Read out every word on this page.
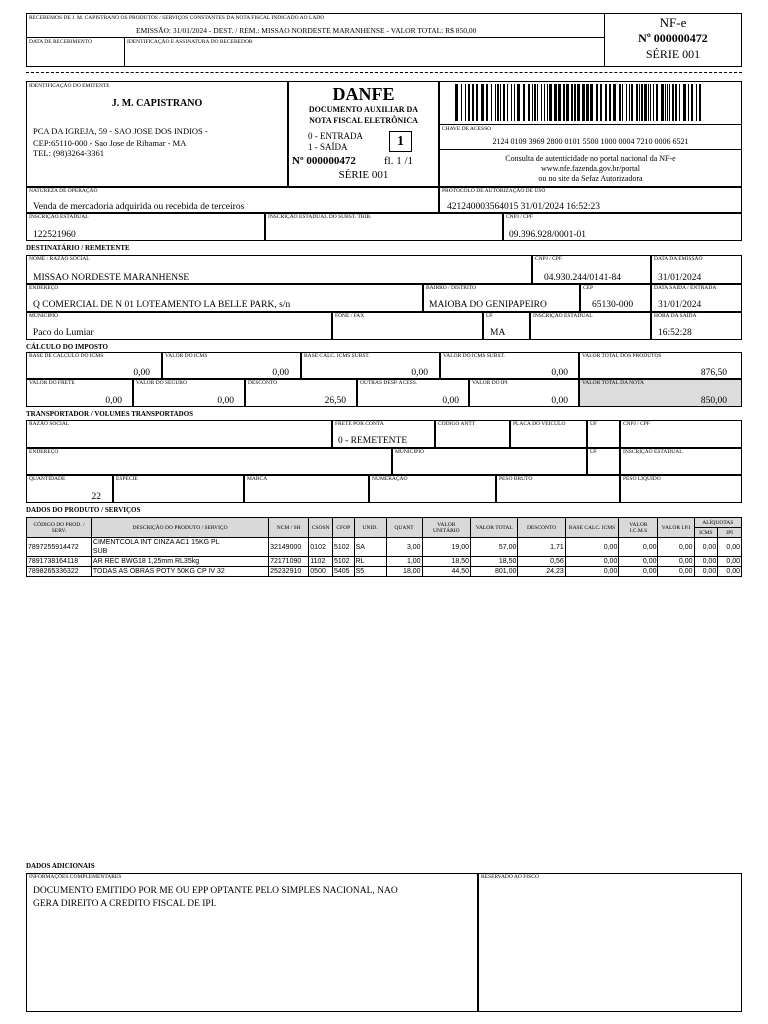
RECEBEMOS DE J. M. CAPISTRANO OS PRODUTOS / SERVIÇOS CONSTANTES DA NOTA FISCAL INDICADO AO LADO
EMISSÃO: 31/01/2024 - DEST. / REM.: MISSAO NORDESTE MARANHENSE - VALOR TOTAL: R$ 850,00
DATA DE RECEBIMENTO	IDENTIFICAÇÃO E ASSINATURA DO RECEBEDOR
NF-e
Nº 000000472
SÉRIE 001
IDENTIFICAÇÃO DO EMITENTE
J. M. CAPISTRANO
PCA DA IGREJA, 59 - SAO JOSE DOS INDIOS -
CEP:65110-000 - Sao Jose de Ribamar - MA
TEL: (98)3264-3361
DANFE
DOCUMENTO AUXILIAR DA
NOTA FISCAL ELETRÔNICA
0 - ENTRADA
1 - SAÍDA	1
Nº 000000472	fl. 1 /1
SÉRIE 001
CHAVE DE ACESSO
2124 0109 3969 2800 0101 5500 1000 0004 7210 0006 6521
Consulta de autenticidade no portal nacional da NF-e
www.nfe.fazenda.gov.br/portal
ou no site da Sefaz Autorizadora
NATUREZA DE OPERAÇÃO
Venda de mercadoria adquirida ou recebida de terceiros
PROTOCOLO DE AUTORIZAÇÃO DE USO
421240003564015 31/01/2024 16:52:23
INSCRIÇÃO ESTADUAL
122521960
INSCRIÇÃO ESTADUAL DO SUBST. TRIB.	CNPJ / CPF
09.396.928/0001-01
DESTINATÁRIO / REMETENTE
NOME / RAZÃO SOCIAL
MISSAO NORDESTE MARANHENSE
CNPJ / CPF
04.930.244/0141-84
DATA DA EMISSÃO
31/01/2024
ENDEREÇO
Q COMERCIAL DE N 01 LOTEAMENTO LA BELLE PARK, s/n
BAIRRO / DISTRITO
MAIOBA DO GENIPAPEIRO
CEP
65130-000
DATA SAÍDA / ENTRADA
31/01/2024
MUNICÍPIO
Paco do Lumiar
FONE / FAX	UF
MA
INSCRIÇÃO ESTADUAL	HORA DA SAÍDA
16:52:28
CÁLCULO DO IMPOSTO
BASE DE CÁLCULO DO ICMS
0,00
VALOR DO ICMS
0,00
BASE CÁLC. ICMS SUBST.
0,00
VALOR DO ICMS SUBST.
0,00
VALOR TOTAL DOS PRODUTOS
876,50
VALOR DO FRETE
0,00
VALOR DO SEGURO
0,00
DESCONTO
26,50
OUTRAS DESP. ACESS.
0,00
VALOR DO IPI
0,00
VALOR TOTAL DA NOTA
850,00
TRANSPORTADOR / VOLUMES TRANSPORTADOS
RAZÃO SOCIAL	FRETE POR CONTA
0 - REMETENTE
CÓDIGO ANTT	PLACA DO VEÍCULO	UF	CNPJ / CPF
ENDEREÇO	MUNICÍPIO	UF	INSCRIÇÃO ESTADUAL
QUANTIDADE
22
ESPÉCIE	MARCA	NUMERAÇÃO	PESO BRUTO	PESO LÍQUIDO
DADOS DO PRODUTO / SERVIÇOS
CÓDIGO DO PROD. / SERV.	DESCRIÇÃO DO PRODUTO / SERVIÇO	NCM / SH	CSOSN	CFOP	UNID.	QUANT	VALOR UNITÁRIO	VALOR TOTAL	DESCONTO	BASE CALC. ICMS	VALOR I.C.M.S	VALOR I.P.I	ALÍQUOTAS	
													ICMS	IPI
7897255914472	CIMENTCOLA INT CINZA AC1 15KG PL
SUB	32149000	0102	5102	SA	3,00	19,00	57,00	1,71	0,00	0,00	0,00	0,00	0,00
7891738164118	AR REC BWG18 1,25mm RL35kg	72171090	1102	5102	RL	1,00	18,50	18,50	0,56	0,00	0,00	0,00	0,00	0,00
7898265336322	TODAS AS OBRAS POTY 50KG CP IV 32	25232910	0500	5405	S5	18,00	44,50	801,00	24,23	0,00	0,00	0,00	0,00	0,00
DADOS ADICIONAIS
INFORMAÇÕES COMPLEMENTARES
DOCUMENTO EMITIDO POR ME OU EPP OPTANTE PELO SIMPLES NACIONAL, NAO
GERA DIREITO A CREDITO FISCAL DE IPI.
RESERVADO AO FISCO
